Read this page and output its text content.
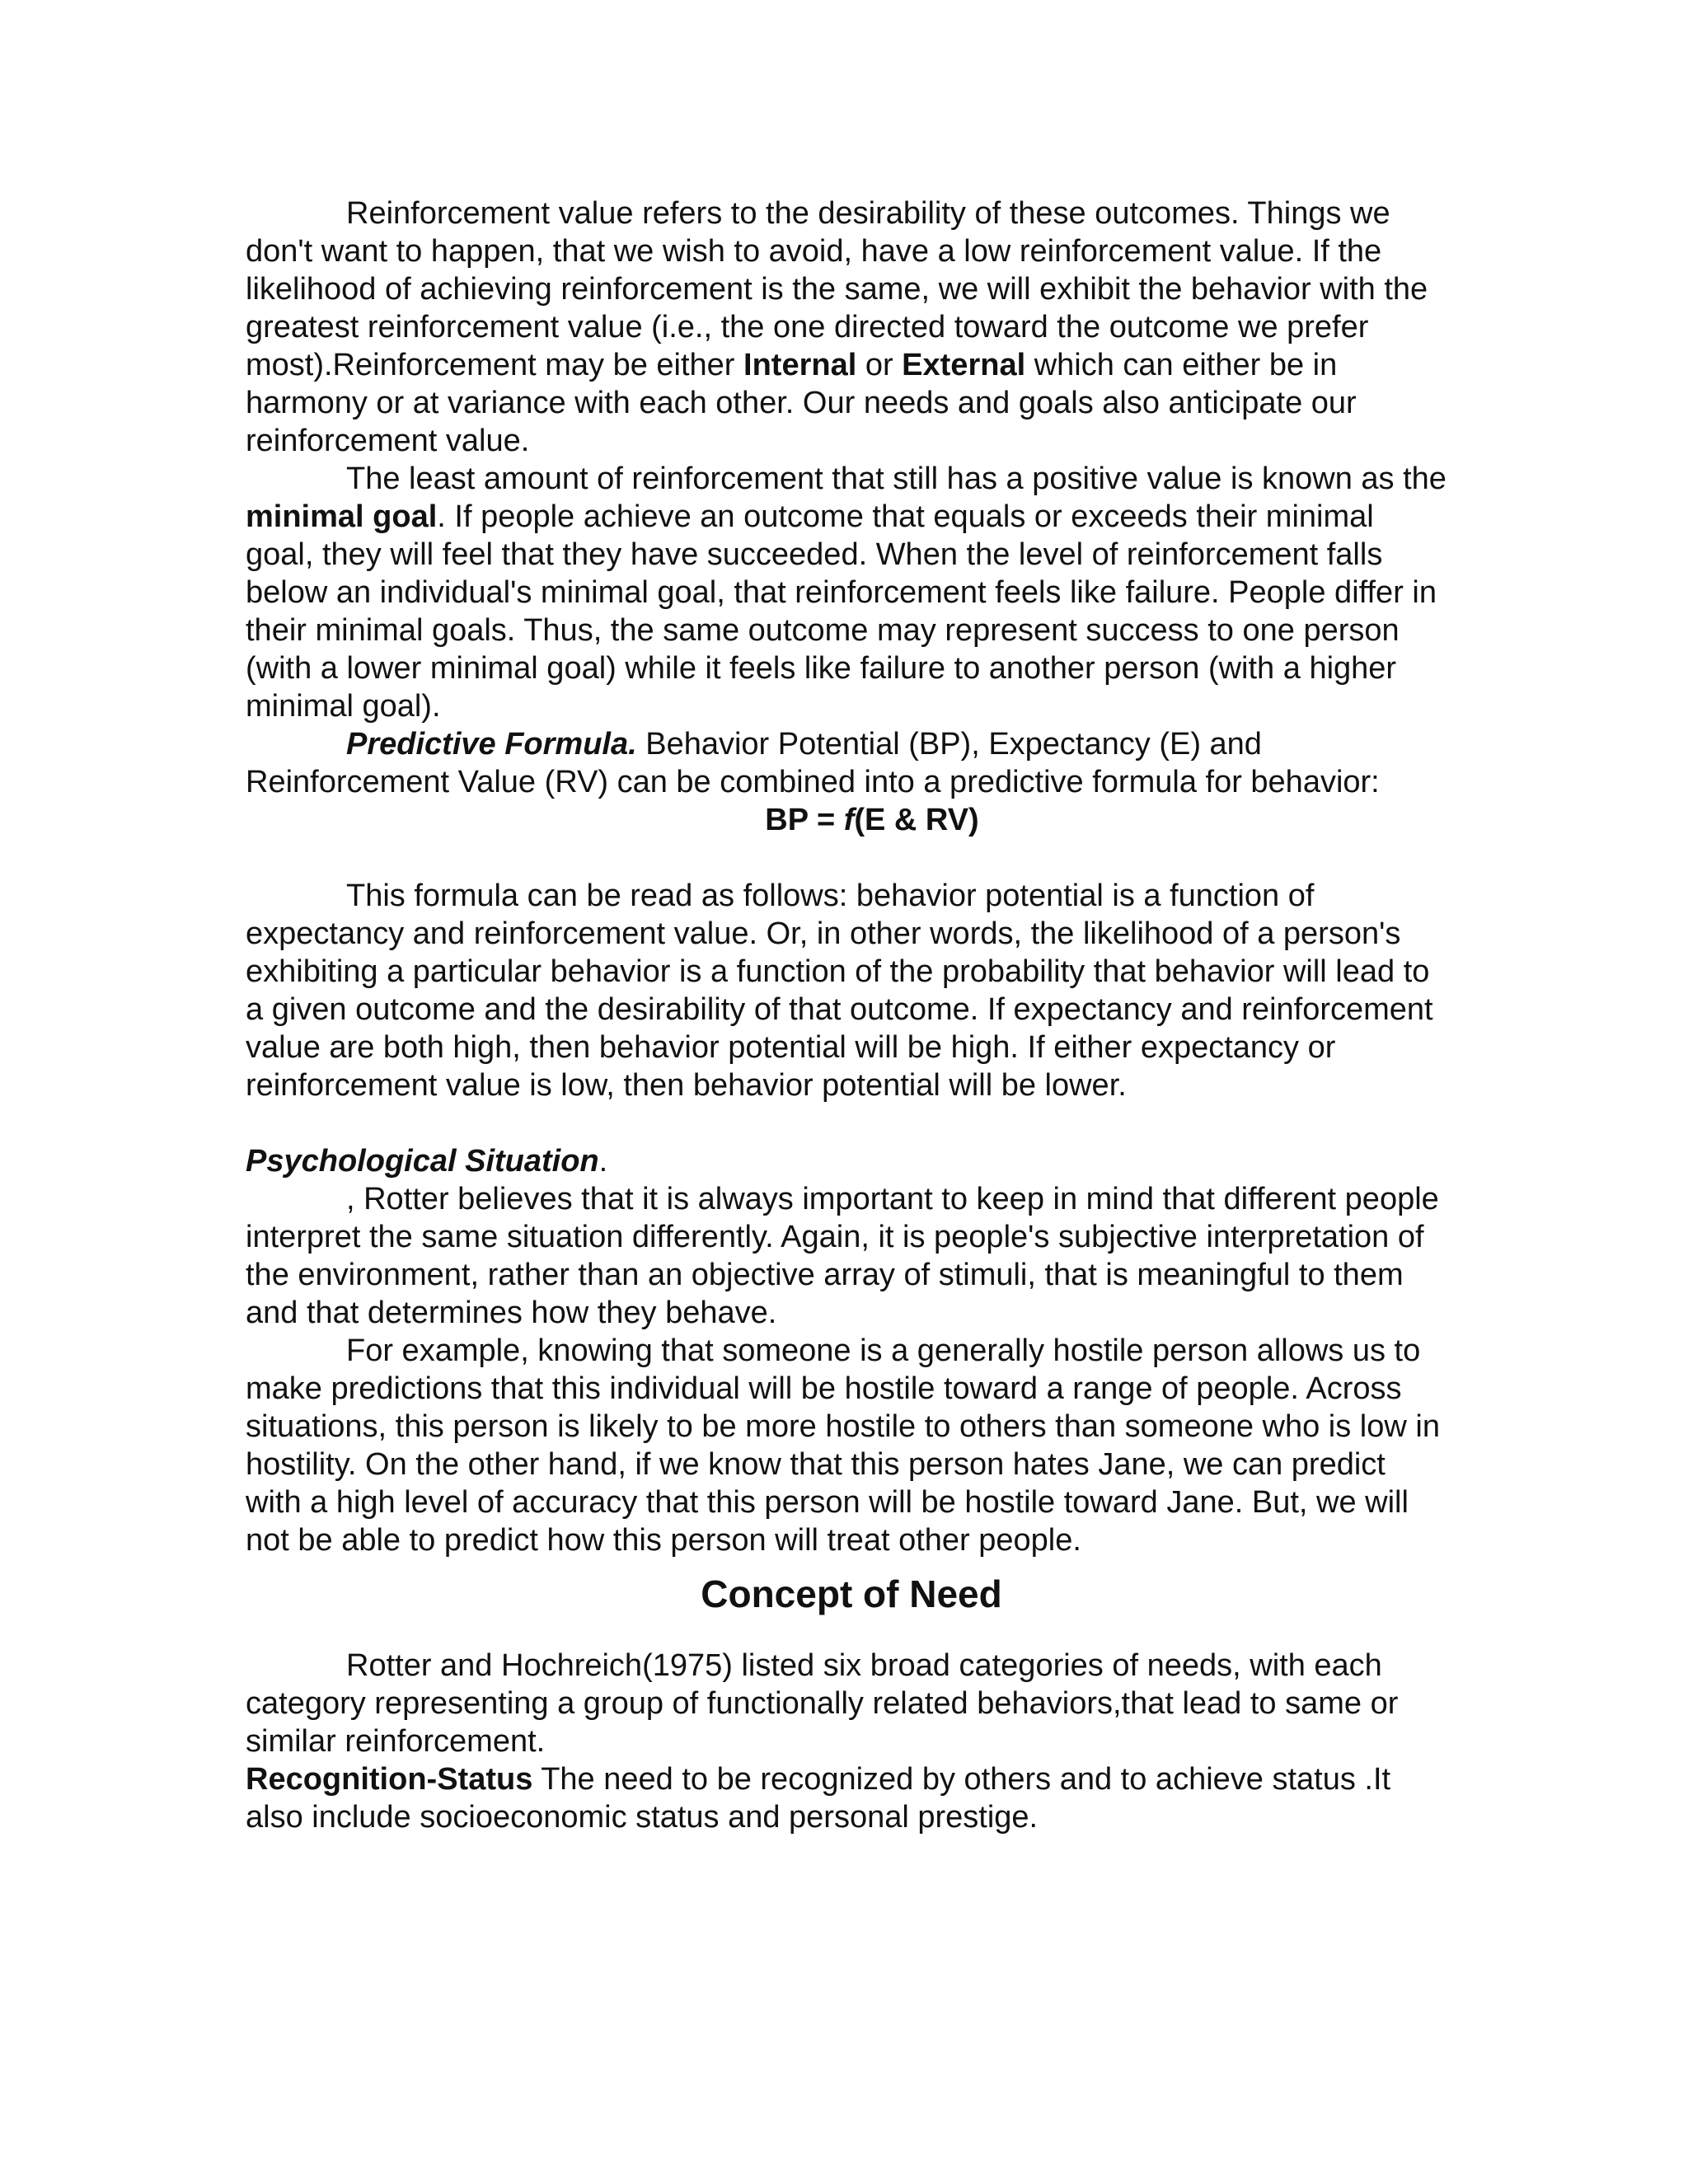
Reinforcement value refers to the desirability of these outcomes. Things we don't want to happen, that we wish to avoid, have a low reinforcement value. If the likelihood of achieving reinforcement is the same, we will exhibit the behavior with the greatest reinforcement value (i.e., the one directed toward the outcome we prefer most).Reinforcement may be either Internal or External which can either be in harmony or at variance with each other. Our needs and goals also anticipate our reinforcement value.

The least amount of reinforcement that still has a positive value is known as the minimal goal. If people achieve an outcome that equals or exceeds their minimal goal, they will feel that they have succeeded. When the level of reinforcement falls below an individual's minimal goal, that reinforcement feels like failure. People differ in their minimal goals. Thus, the same outcome may represent success to one person (with a lower minimal goal) while it feels like failure to another person (with a higher minimal goal).

Predictive Formula. Behavior Potential (BP), Expectancy (E) and Reinforcement Value (RV) can be combined into a predictive formula for behavior:

BP = f(E & RV)

This formula can be read as follows: behavior potential is a function of expectancy and reinforcement value. Or, in other words, the likelihood of a person's exhibiting a particular behavior is a function of the probability that behavior will lead to a given outcome and the desirability of that outcome. If expectancy and reinforcement value are both high, then behavior potential will be high. If either expectancy or reinforcement value is low, then behavior potential will be lower.

Psychological Situation.

, Rotter believes that it is always important to keep in mind that different people interpret the same situation differently. Again, it is people's subjective interpretation of the environment, rather than an objective array of stimuli, that is meaningful to them and that determines how they behave.

For example, knowing that someone is a generally hostile person allows us to make predictions that this individual will be hostile toward a range of people. Across situations, this person is likely to be more hostile to others than someone who is low in hostility. On the other hand, if we know that this person hates Jane, we can predict with a high level of accuracy that this person will be hostile toward Jane. But, we will not be able to predict how this person will treat other people.

Concept of Need

Rotter and Hochreich(1975) listed six broad categories of needs, with each category representing a group of functionally related behaviors,that lead to same or similar reinforcement.

Recognition-Status The need to be recognized by others and to achieve status .It also include socioeconomic status and personal prestige.
